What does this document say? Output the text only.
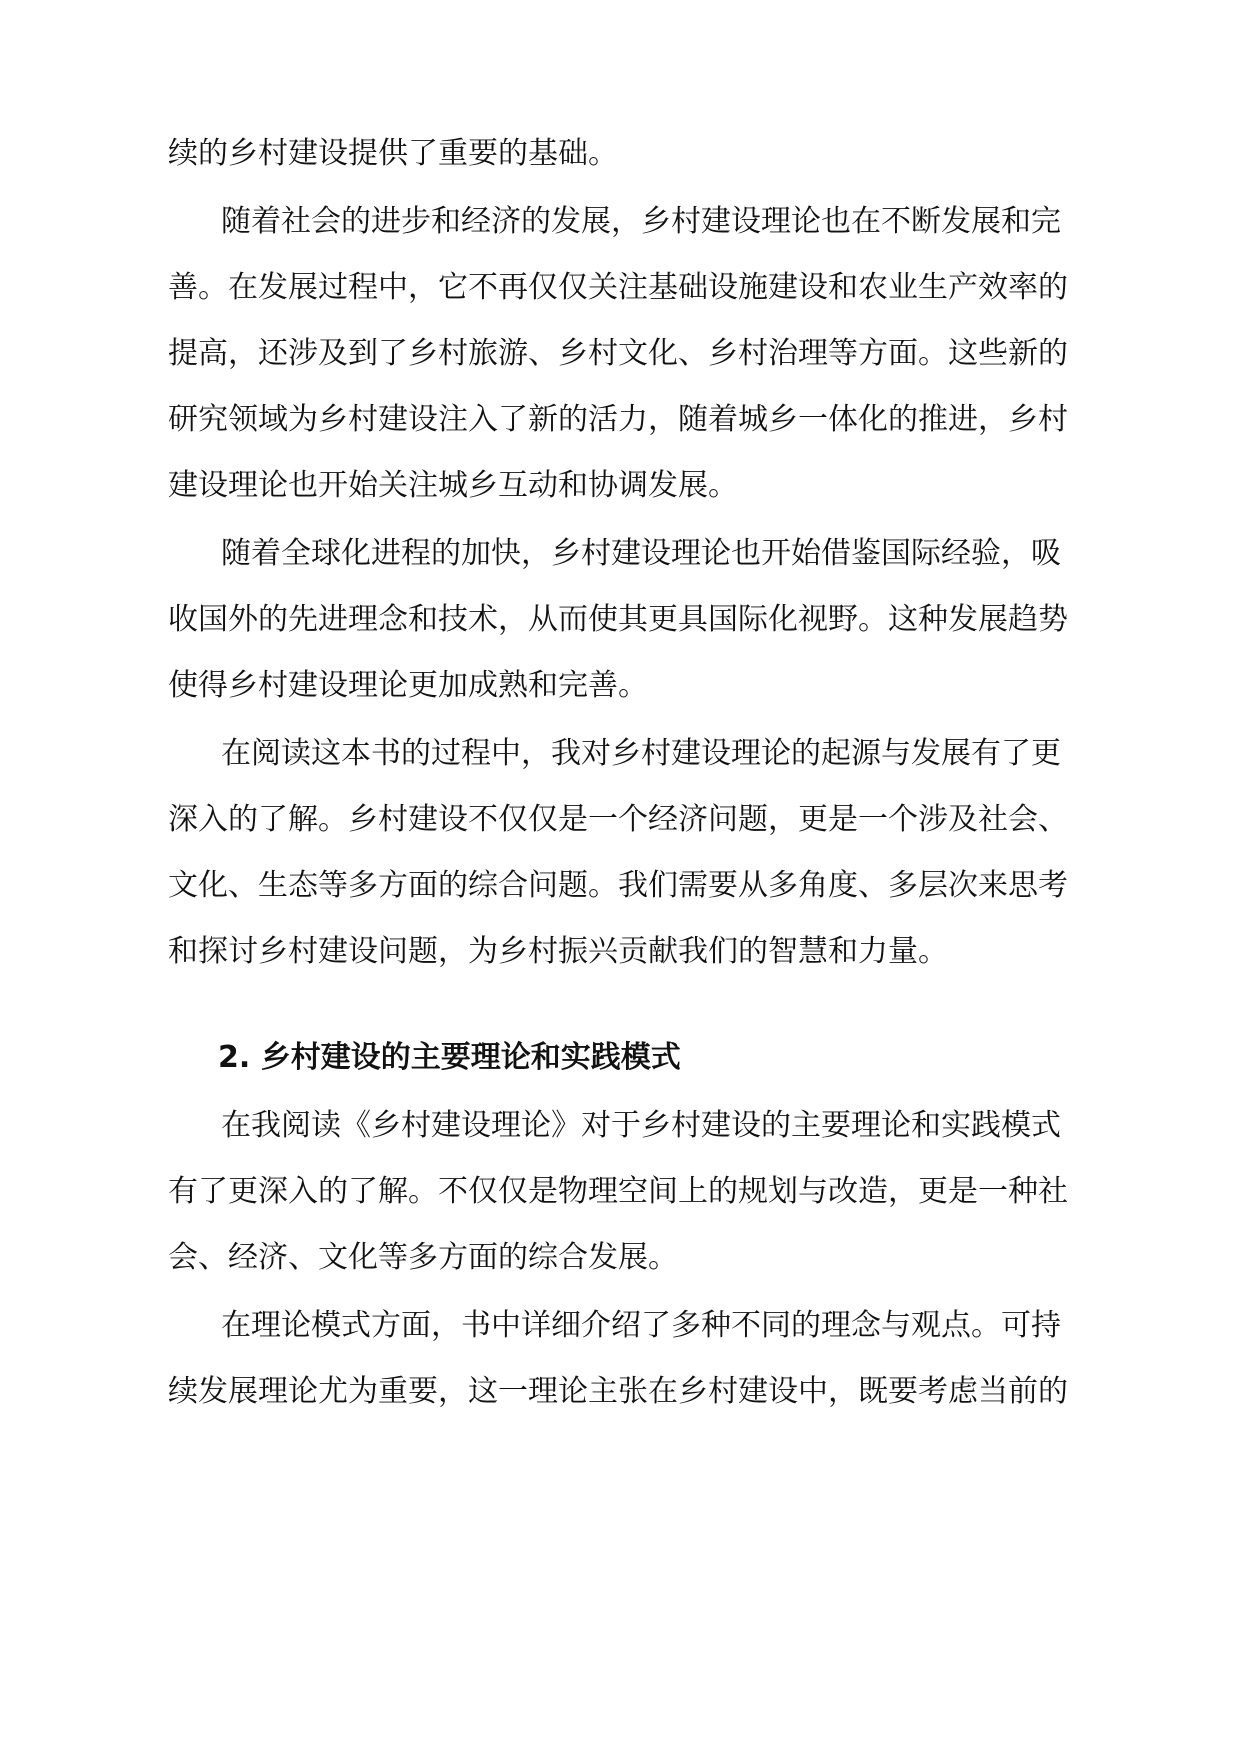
续的乡村建设提供了重要的基础。
随着社会的进步和经济的发展，乡村建设理论也在不断发展和完
善。在发展过程中，它不再仅仅关注基础设施建设和农业生产效率的
提高，还涉及到了乡村旅游、乡村文化、乡村治理等方面。这些新的
研究领域为乡村建设注入了新的活力，随着城乡一体化的推进，乡村
建设理论也开始关注城乡互动和协调发展。
随着全球化进程的加快，乡村建设理论也开始借鉴国际经验，吸
收国外的先进理念和技术，从而使其更具国际化视野。这种发展趋势
使得乡村建设理论更加成熟和完善。
在阅读这本书的过程中，我对乡村建设理论的起源与发展有了更
深入的了解。乡村建设不仅仅是一个经济问题，更是一个涉及社会、
文化、生态等多方面的综合问题。我们需要从多角度、多层次来思考
和探讨乡村建设问题，为乡村振兴贡献我们的智慧和力量。
2. 乡村建设的主要理论和实践模式
在我阅读《乡村建设理论》对于乡村建设的主要理论和实践模式
有了更深入的了解。不仅仅是物理空间上的规划与改造，更是一种社
会、经济、文化等多方面的综合发展。
在理论模式方面，书中详细介绍了多种不同的理念与观点。可持
续发展理论尤为重要，这一理论主张在乡村建设中，既要考虑当前的
